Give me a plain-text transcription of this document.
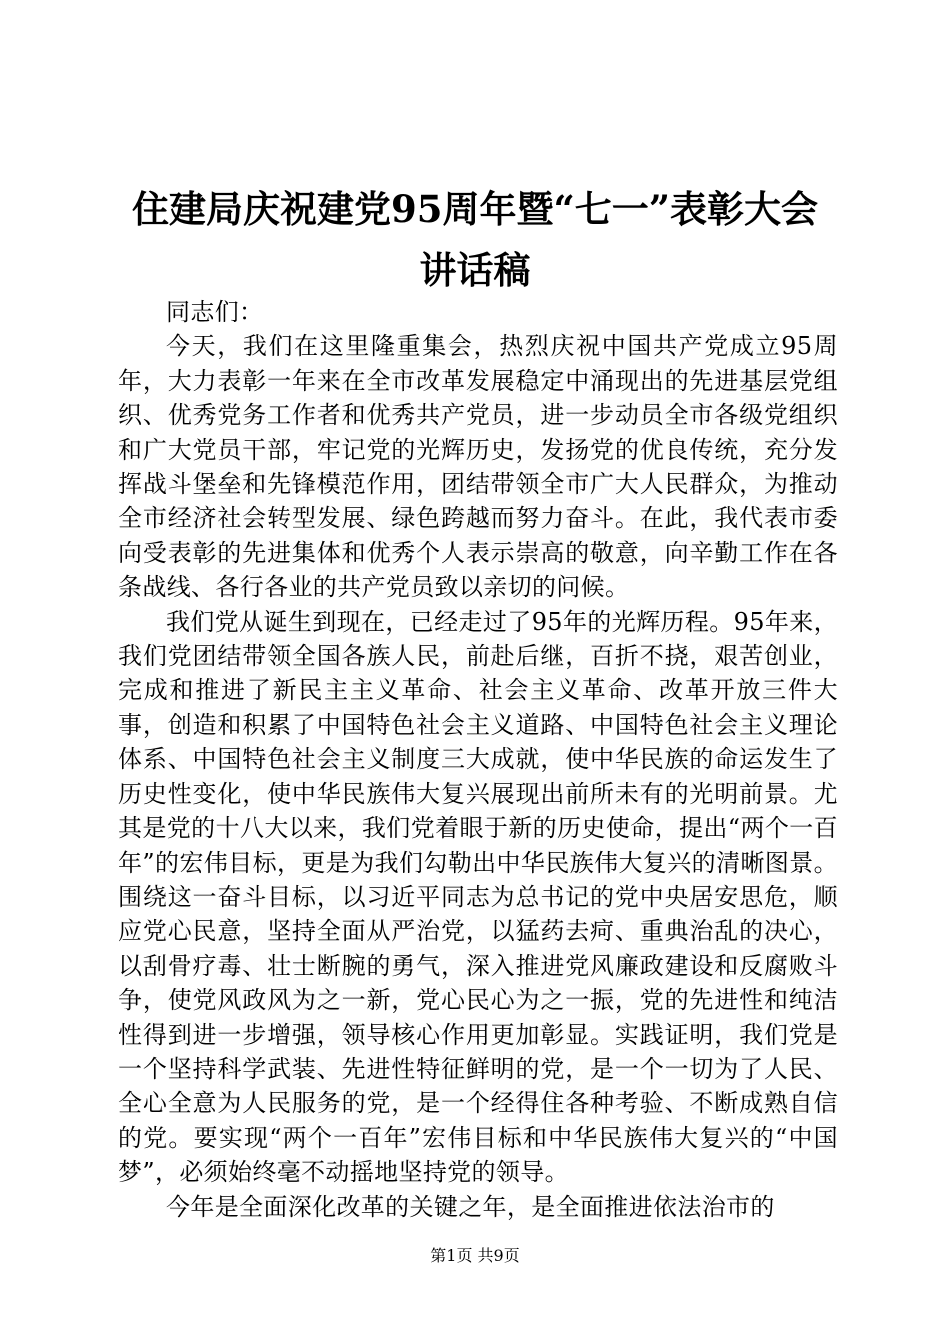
住建局庆祝建党95周年暨“七一”表彰大会
讲话稿

同志们：

今天，我们在这里隆重集会，热烈庆祝中国共产党成立95周年，大力表彰一年来在全市改革发展稳定中涌现出的先进基层党组织、优秀党务工作者和优秀共产党员，进一步动员全市各级党组织和广大党员干部，牢记党的光辉历史，发扬党的优良传统，充分发挥战斗堡垒和先锋模范作用，团结带领全市广大人民群众，为推动全市经济社会转型发展、绿色跨越而努力奋斗。在此，我代表市委向受表彰的先进集体和优秀个人表示崇高的敬意，向辛勤工作在各条战线、各行各业的共产党员致以亲切的问候。

我们党从诞生到现在，已经走过了95年的光辉历程。95年来，我们党团结带领全国各族人民，前赴后继，百折不挠，艰苦创业，完成和推进了新民主主义革命、社会主义革命、改革开放三件大事，创造和积累了中国特色社会主义道路、中国特色社会主义理论体系、中国特色社会主义制度三大成就，使中华民族的命运发生了历史性变化，使中华民族伟大复兴展现出前所未有的光明前景。尤其是党的十八大以来，我们党着眼于新的历史使命，提出“两个一百年”的宏伟目标，更是为我们勾勒出中华民族伟大复兴的清晰图景。围绕这一奋斗目标，以习近平同志为总书记的党中央居安思危，顺应党心民意，坚持全面从严治党，以猛药去疴、重典治乱的决心，以刮骨疗毒、壮士断腕的勇气，深入推进党风廉政建设和反腐败斗争，使党风政风为之一新，党心民心为之一振，党的先进性和纯洁性得到进一步增强，领导核心作用更加彰显。实践证明，我们党是一个坚持科学武装、先进性特征鲜明的党，是一个一切为了人民、全心全意为人民服务的党，是一个经得住各种考验、不断成熟自信的党。要实现“两个一百年”宏伟目标和中华民族伟大复兴的“中国梦”，必须始终毫不动摇地坚持党的领导。

今年是全面深化改革的关键之年，是全面推进依法治市的

第1页 共9页
